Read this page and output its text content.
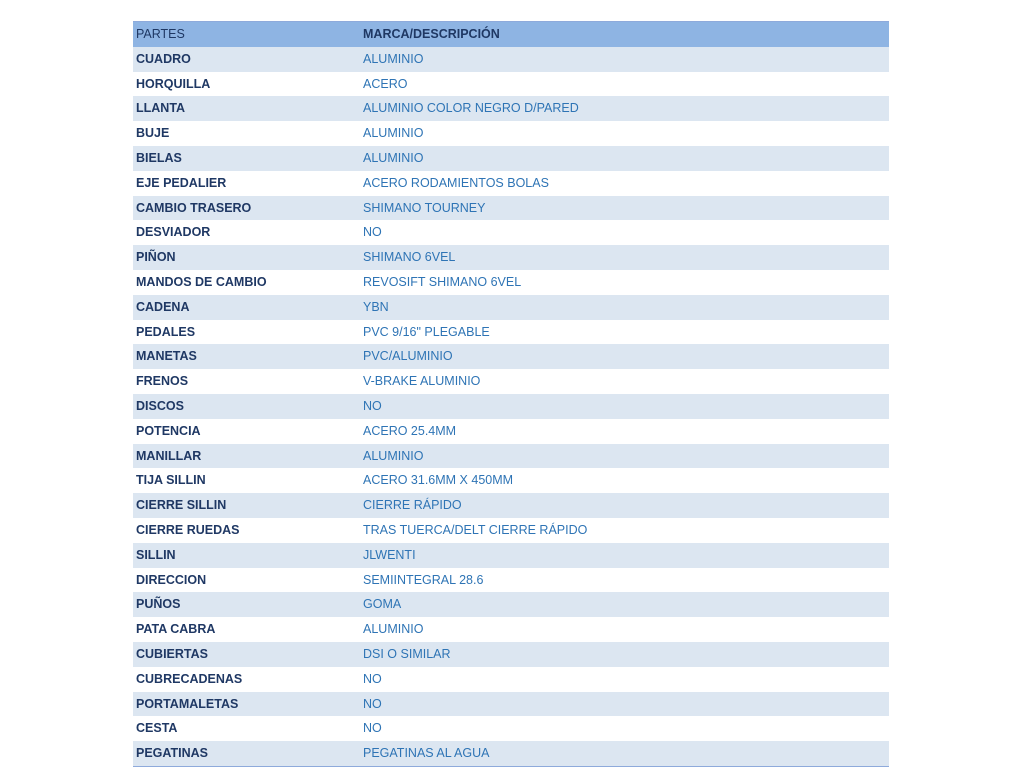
PARTES	MARCA/DESCRIPCIÓN
CUADRO	ALUMINIO
HORQUILLA	ACERO
LLANTA	ALUMINIO COLOR NEGRO D/PARED
BUJE	ALUMINIO
BIELAS	ALUMINIO
EJE PEDALIER	ACERO RODAMIENTOS BOLAS
CAMBIO TRASERO	SHIMANO TOURNEY
DESVIADOR	NO
PIÑON	SHIMANO 6VEL
MANDOS DE CAMBIO	REVOSIFT SHIMANO 6VEL
CADENA	YBN
PEDALES	PVC 9/16" PLEGABLE
MANETAS	PVC/ALUMINIO
FRENOS	V-BRAKE ALUMINIO
DISCOS	NO
POTENCIA	ACERO 25.4MM
MANILLAR	ALUMINIO
TIJA SILLIN	ACERO 31.6MM X 450MM
CIERRE SILLIN	CIERRE RÁPIDO
CIERRE RUEDAS	TRAS TUERCA/DELT CIERRE RÁPIDO
SILLIN	JLWENTI
DIRECCION	SEMIINTEGRAL 28.6
PUÑOS	GOMA
PATA CABRA	ALUMINIO
CUBIERTAS	DSI O SIMILAR
CUBRECADENAS	NO
PORTAMALETAS	NO
CESTA	NO
PEGATINAS	PEGATINAS AL AGUA
